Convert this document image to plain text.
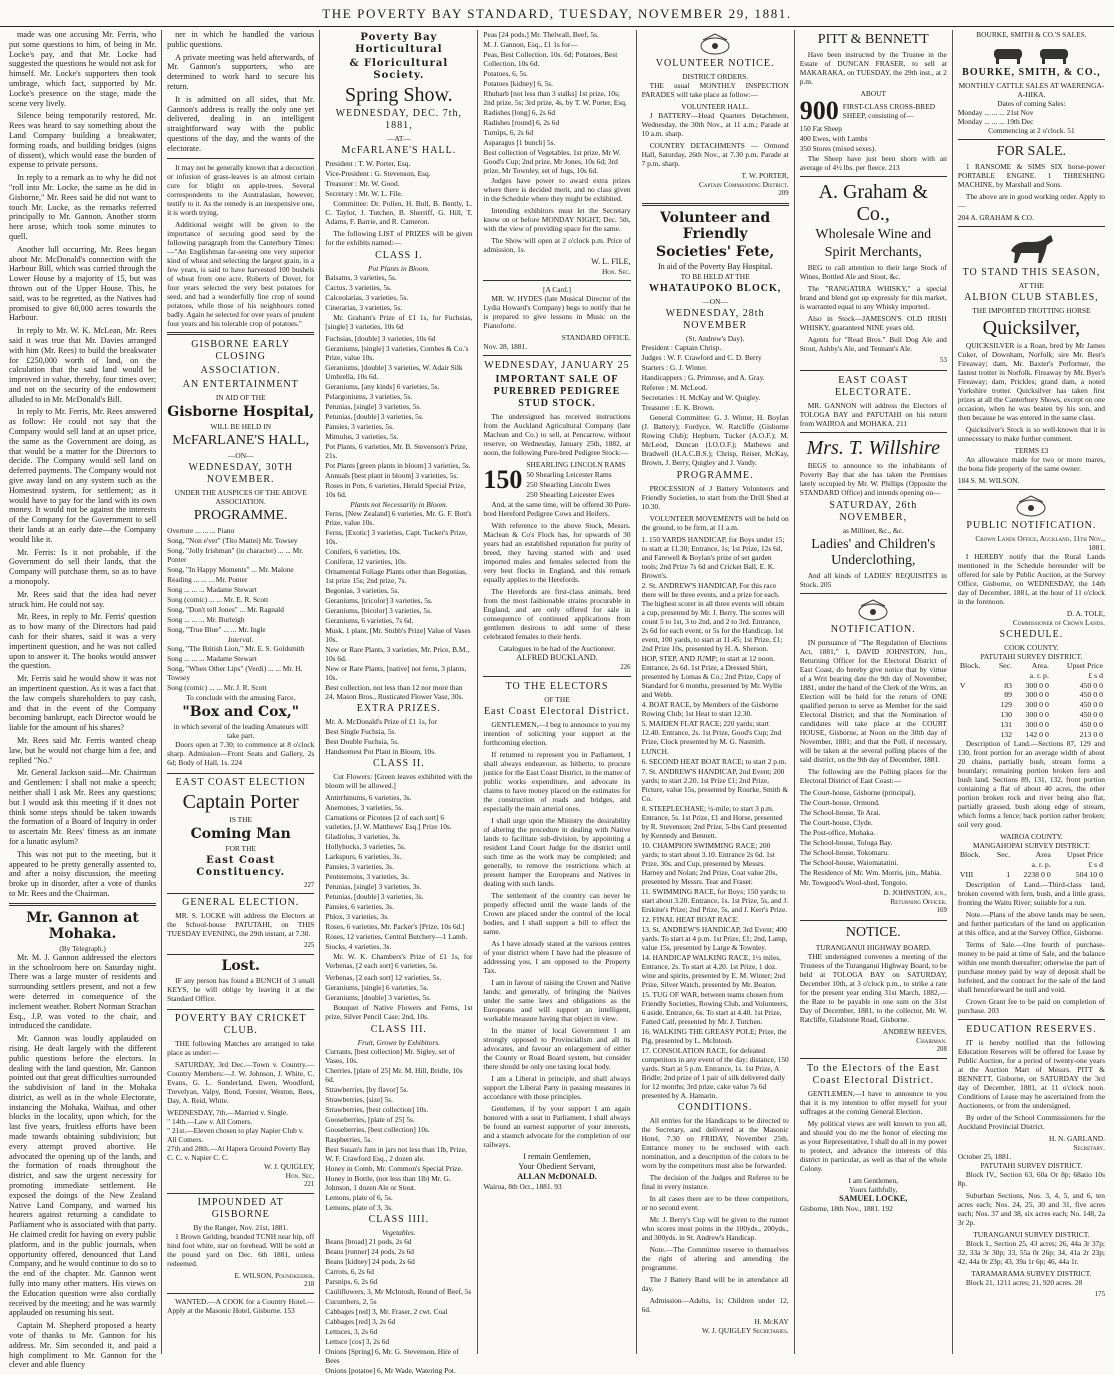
THE POVERTY BAY STANDARD, TUESDAY, NOVEMBER 29, 1881.

made was one accusing Mr. Ferris, who put some questions to him, of being in Mr. Locke's pay, and that Mr. Locke had suggested the questions he would not ask for himself. Mr. Locke's supporters then took umbrage, which fact, supported by Mr. Locke's presence on the stage, made the scene very lively.

Silence being temporarily restored, Mr. Rees was heard to say something about the Land Company building a breakwater, forming roads, and building bridges (signs of dissent), which would ease the burden of expense to private persons.

In reply to a remark as to why he did not "roll into Mr. Locke, the same as he did in Gisborne," Mr. Rees said he did not want to touch Mr. Locke, as the remarks referred principally to Mr. Gannon. Another storm here arose, which took some minutes to quell.

Another lull occurring, Mr. Rees began about Mr. McDonald's connection with the Harbour Bill, which was carried through the Lower House by a majority of 15, but was thrown out of the Upper House. This, he said, was to be regretted, as the Natives had promised to give 60,000 acres towards the Harbour.

In reply to Mr. W. K. McLean, Mr. Rees said it was true that Mr. Davies arranged with him (Mr. Rees) to build the breakwater for £250,000 worth of land, on the calculation that the said land would be improved in value, thereby, four times over; and not on the security of the endowment alluded to in Mr. McDonald's Bill.

In reply to Mr. Ferris, Mr. Rees answered as follow: He could not say that the Company would sell land at an upset price, the same as the Government are doing, as that would be a matter for the Directors to decide. The Company would sell land on deferred payments. The Company would not give away land on any system such as the Homestead system, for settlement; as it would have to pay for the land with its own money. It would not be against the interests of the Company for the Government to sell their lands at an early date—the Company would like it.

Mr. Ferris: Is it not probable, if the Government do sell their lands, that the Company will purchase them, so as to have a monopoly.

Mr. Rees said that the idea had never struck him. He could not say.

Mr. Rees, in reply to Mr. Ferris' question as to how many of the Directors had paid cash for their shares, said it was a very impertinent question, and he was not called upon to answer it. The books would answer the question.

Mr. Ferris said he would show it was not an impertinent question. As it was a fact that the law compels shareholders to pay cash, and that in the event of the Company becoming bankrupt, each Director would be liable for the amount of his shares?

Mr. Rees said Mr. Ferris wanted cheap law, but he would not charge him a fee, and replied "No."

Mr. General Jackson said—Mr. Chairman and Gentlemen: I shall not make a speech; neither shall I ask Mr. Rees any questions; but I would ask this meeting if it does not think some steps should be taken towards the formation of a Board of Inquiry in order to ascertain Mr. Rees' fitness as an inmate for a lunatic asylum?

This was not put to the meeting, but it appeared to be pretty generally assented to, and after a noisy discussion, the meeting broke up in disorder, after a vote of thanks to Mr. Rees and the Chairman.

Mr. Gannon at Mohaka.
(By Telegraph.)

Mr. M. J. Gannon addressed the electors in the schoolroom here on Saturday night. There was a large muster of residents and surrounding settlers present, and not a few were deterred in consequence of the inclement weather. Robert Norman Strachan Esq., J.P. was voted to the chair, and introduced the candidate.

Mr. Gannon was loudly applauded on rising. He dealt largely with the different public questions before the electors. In dealing with the land question, Mr. Gannon pointed out that great difficulties surrounded the subdivision of land in the Mohaka district, as well as in the whole Electorate, instancing the Mohaka, Waihua, and other blocks in the locality, upon which, for the last five years, fruitless efforts have been made towards obtaining subdivision; but every attempt proved abortive. He advocated the opening up of the lands, and the formation of roads throughout the district, and saw the urgent necessity for promoting immediate settlement. He exposed the doings of the New Zealand Native Land Company, and warned his hearers against returning a candidate to Parliament who is associated with that party. He claimed credit for having on every public platform, and in the public journals, when opportunity offered, denounced that Land Company, and he would continue to do so to the end of the chapter. Mr. Gannon went fully into many other matters. His views on the Education question were also cordially received by the meeting; and he was warmly applauded on resuming his seat.

Captain M. Shepherd proposed a hearty vote of thanks to Mr. Gannon for his address. Mr. Sim seconded it, and paid a high compliment to Mr. Gannon for the clever and able fluency

ner in which he handled the various public questions.

A private meeting was held afterwards, of Mr. Gannon's supporters, who are determined to work hard to secure his return.

It is admitted on all sides, that Mr. Gannon's address is really the only one yet delivered, dealing in an intelligent straightforward way with the public questions of the day, and the wants of the electorate.

It may not be generally known that a decoction or infusion of grass-leaves is an almost certain cure for blight on apple-trees. Several correspondents to the Australasian, however, testify to it. As the remedy is an inexpensive one, it is worth trying.

Additional weight will be given to the importance of securing good seed by the following paragraph from the Canterbury Times:—"An Englishman far-seeing one very superior kind of wheat and selecting the largest grain, in a few years, is said to have harvested 100 bushels of wheat from one acre. Roberts of Dover, for four years selected the very best potatoes for seed, and had a wonderfully fine crop of sound potatoes, while those of his neighbours rotted badly. Again he selected for over years of prudent four years and his tolerable crop of potatoes."

GISBORNE EARLY CLOSING
ASSOCIATION.
AN ENTERTAINMENT
IN AID OF THE
Gisborne Hospital,
WILL BE HELD IN
McFARLANE'S HALL,
—ON—
WEDNESDAY, 30TH NOVEMBER.
UNDER THE AUSPICES OF THE ABOVE ASSOCIATION.
PROGRAMME.
Overture ... ... ... Piano
Song, "Non e'ver" (Tito Mattei) Mr. Towsey
Song, "Jolly Irishman" (in character) ... ... Mr. Ponter
Song, "In Happy Moments" ... Mr. Malone
Reading ... ... ... Mr. Ponter
Song ... ... ... Madame Stewart
Song (comic) ... ... Mr. E. R. Scott
Song, "Don't tell Jones" ... Mr. Ragnald
Song ... ... ... Mr. Burleigh
Song, "True Blue" ... ... Mr. Ingle
Interval.
Song, "The British Lion," Mr. E. S. Goldsmith
Song ... ... ... Madame Stewart
Song, "When Other Lips" (Verdi) ... ... Mr. H. Towsey
Song (comic) ... ... Mr. J. R. Scott
To conclude with the amusing Farce,
"Box and Cox,"
in which several of the leading Amateurs will take part.

Doors open at 7.30; to commence at 8 o'clock sharp. Admission—Front Seats and Gallery, 2s 6d; Body of Hall, 1s. 224

EAST COAST ELECTION
Captain Porter
IS THE
Coming Man
FOR THE
East Coast Constituency.
227
GENERAL ELECTION.

MR. S. LOCKE will address the Electors at the School-house PATUTAHI, on THIS TUESDAY EVENING, the 29th instant, at 7.30.

225
Lost.

IF any person has found a BUNCH of 3 small KEYS, he will oblige by leaving it at the Standard Office.

POVERTY BAY CRICKET CLUB.

THE following Matches are arranged to take place as under:—

SATURDAY, 3rd Dec.—Town v. Country.—Country Members:—J. W. Johnson, J. White, C. Evans, G. L. Sunderland, Ewen, Woodford, Trevelyan, Valpy, Bond, Forster, Weston, Rees, Day, A. Reid, White.

WEDNESDAY, 7th.—Married v. Single.
" 14th.—Law v. All Comers.
" 21st.—Eleven chosen to play Napier Club v. All Comers.
27th and 28th.—At Hapera Ground Poverty Bay C. C. v. Napier C. C.
W. J. QUIGLEY,
Hon. Sec.
221
IMPOUNDED AT GISBORNE
By the Ranger, Nov. 21st, 1881.

1 Brown Gelding, branded TCNH near hip, off hind foot white, star on forehead. Will be sold at the pound yard on Dec. 6th 1881, unless redeemed.

E. WILSON, Poundkeeper.
218

WANTED.—A COOK for a Country Hotel.—Apply at the Masonic Hotel, Gisborne. 153

Poverty Bay Horticultural
& Floricultural Society.
Spring Show.
WEDNESDAY, DEC. 7th, 1881,
—AT—
McFARLANE'S HALL.
President : T. W. Porter, Esq.
Vice-President : G. Stevenson, Esq.
Treasurer : Mr. W. Good.
Secretary : Mr. W. L. File.

Committee: Dr. Pollen, H. Bull, B. Bently, L. C. Taylor, J. Tutchen, B. Sherriff, G. Hill, T. Adams, F. Barrie, and R. Cameron.

The following LIST of PRIZES will be given for the exhibits named:—

CLASS I.
Pot Plants in Bloom.
Balsams, 3 varieties, 5s.
Cactus, 3 varieties, 5s.
Calceolarias, 3 varieties, 5s.
Cinerarias, 3 varieties, 5s.

Mr. Graham's Prize of £1 1s, for Fuchsias, [single] 3 varieties, 10s 6d

Fuchsias, [double] 3 varieties, 10s 6d
Geraniums, [single] 3 varieties, Combes & Co.'s Prize, value 10s.
Geraniums, [double] 3 varieties, W. Adair Silk Umbrella, 10s 6d.
Geraniums, [any kinds] 6 varieties, 5s.
Pelargoniums, 3 varieties, 5s.
Petunias, [single] 3 varieties, 5s.
Petunias, [double] 3 varieties, 5s.
Pansies, 3 varieties, 5s.
Mimulus, 3 varieties, 5s.
Pot Plants, 6 varieties, Mr. B. Stevenson's Prize, 21s.
Pot Plants [green plants in bloom] 3 varieties, 5s.
Annuals [best plant in bloom] 3 varieties, 5s.
Roses in Pots, 6 varieties, Herald Special Prize, 10s 6d.
Plants not Necessarily in Bloom.
Ferns, [New Zealand] 6 varieties, Mr. G. F. Bott's Prize, value 10s.
Ferns, [Exotic] 3 varieties, Capt. Tucker's Prize, 10s.
Conifers, 6 varieties, 10s.
Coniferæ, 12 varieties, 10s.
Ornamental Foliage Plants other than Begonias, 1st prize 15s; 2nd prize, 7s.
Begonias, 3 varieties, 5s.
Geraniums, [tricolor] 3 varieties, 5s.
Geraniums, [bicolor] 3 varieties, 5s.
Geraniums, 6 varieties, 7s 6d.
Musk, 1 plant, [Mr. Stubb's Prize] Value of Vases 10s.
New or Rare Plants, 3 varieties, Mr. Price, B.M., 10s 6d.
New or Rare Plants, [native] not ferns, 3 plants, 10s.
Best collection, not less than 12 nor more than 24, Mason Bros., Rusticated Flower Vase, 30s.
EXTRA PRIZES.
Mr. A. McDonald's Prize of £1 1s, for
Best Single Fuchsia, 5s.
Best Double Fuchsia, 5s.
Handsomest Pot Plant in Bloom, 10s.
CLASS II.

Cut Flowers: [Green leaves exhibited with the bloom will be allowed.]

Antirrhinums, 6 varieties, 3s.
Anemones, 3 varieties, 5s.
Carnations or Picotees [2 of each sort] 6 varieties, [J. W. Matthews' Esq.] Prize 10s.
Gladiolus, 3 varieties, 3s.
Hollyhocks, 3 varieties, 5s.
Larkspurs, 6 varieties, 3s.
Pansies, 3 varieties, 3s.
Pentstemons, 3 varieties, 3s.
Petunias, [single] 3 varieties, 3s.
Petunias, [double] 3 varieties, 3s.
Pansies, 6 varieties, 3s.
Phlox, 3 varieties, 3s.
Roses, 6 varieties, Mr. Packer's [Prize, 10s 6d.]
Roses, 12 varieties, Central Butchery—1 Lamb.
Stocks, 4 varieties, 3s.

Mr. W. K. Chambers's Prize of £1 1s, for Verbenas, [2 each sort] 6 varieties, 5s.

Verbenas, [2 each sort] 12 varieties, 5s.
Geraniums, [single] 6 varieties, 5s.
Geraniums, [double] 3 varieties, 5s.

Bouquet of Native Flowers and Ferns, 1st prize, Silver Pencil Case; 2nd, 10s.

CLASS III.
Fruit, Grown by Exhibitors.
Currants, [best collection] Mr. Sigley, set of Vases, 10s.
Cherries, [plate of 25] Mr. M. Hill, Bridle, 10s 6d.
Strawberries, [by flavor] 5s.
Strawberries, [size] 5s.
Strawberries, [best collection] 10s.
Gooseberries, [plate of 25] 5s.
Gooseberries, [best collection] 10s.
Raspberries, 5s.
Best Susan's Jam in jars not less than 1lb, Prize, W. F. Crawford Esq., 2 dozen ale.
Honey in Comb, Mr. Common's Special Prize.
Honey in Bottle, (not less than 1lb) Mr. G. Johnson, 1 dozen Ale or Stout.
Lemons, plate of 6, 5s.
Lemons, plate of 3, 3s.
CLASS IIII.
Vegetables.
Beans [broad] 21 pods, 2s 6d
Beans [runner] 24 pods, 2s 6d
Beans [kidney] 24 pods, 2s 6d
Carrots, 6, 2s 6d
Parsnips, 6, 2s 6d
Cauliflowers, 3, Mr McIntosh, Round of Beef, 5s
Cucumbers, 2, 5s
Cabbages [red] 3, Mr. Fraser, 2 cwt. Coal
Cabbages [red] 3, 2s 6d
Lettuces, 3, 2s 6d
Lettuce [cos] 3, 2s 6d
Onions [Spring] 6, Mr. G. Stevenson, Hire of Bees
Onions [potatoe] 6, Mr Wade, Watering Pot.
Peas [24 pods,] Mr. Thelwall, Beef, 5s.
M. J. Gannon, Esq., £1 1s for—
Peas, Best Collection, 10s. 6d; Potatoes, Best Collection, 10s 6d.
Potatoes, 6, 5s.
Potatoes [kidney] 6, 5s.
Rhubarb [not less than 3 stalks] 1st prize, 10s; 2nd prize, 5s; 3rd prize, 4s, by T. W. Porter, Esq.
Radishes [long] 6, 2s 6d
Radishes [round] 6, 2s 6d
Turnips, 6, 2s 6d
Asparagus [1 bunch] 5s.
Best collection of Vegetables, 1st prize, Mr W. Good's Cup; 2nd prize, Mr Jones, 10s 6d; 3rd prize, Mr Townley, set of Jugs, 10s 6d.

Judges have power to award extra prizes where there is decided merit, and no class given in the Schedule where they might be exhibited.

Intending exhibitors must let the Secretary know on or before MONDAY NIGHT, Dec. 5th, with the view of providing space for the same.

The Show will open at 2 o'clock p.m. Price of admission, 1s.

W. L. FILE,
Hon. Sec.
[A Card.]

MR. W. HYDES (late Musical Director of the Lydia Howard's Company) begs to notify that he is prepared to give lessons in Music on the Pianoforte.

STANDARD OFFICE.
Nov. 28, 1881.
WEDNESDAY, JANUARY 25
IMPORTANT SALE OF PUREBRED PEDIGREE STUD STOCK.

The undersigned has received instructions from the Auckland Agricultural Company (late Maclean and Co.) to sell, at Pencarrow, without reserve, on Wednesday, January 25th, 1882, at noon, the following Pure-bred Pedigree Stock:—

150
SHEARLING LINCOLN RAMS
50 Shearling Leicester Rams
250 Shearling Lincoln Ewes
250 Shearling Leicester Ewes

And, at the same time, will be offered 30 Pure-bred Hereford Pedigree Cows and Heifers.

With reference to the above Stock, Messrs. Maclean & Co's Flock has, for upwards of 30 years had an established reputation for purity of breed, they having started with and used imported males and females selected from the very best flocks in England, and this remark equally applies to the Herefords.

The Herefords are first-class animals, bred from the most fashionable strains procurable in England, and are only offered for sale in consequence of continued applications from gentlemen desirous to add some of these celebrated females to their herds.

Catalogues to be had of the Auctioneer.
ALFRED BUCKLAND.
226
TO THE ELECTORS
OF THE
East Coast Electoral District.

GENTLEMEN,—I beg to announce to you my intention of soliciting your support at the forthcoming election.

If returned to represent you in Parliament, I shall always endeavour, as hitherto, to procure justice for the East Coast District, in the matter of public works expenditure, and advocate its claims to have money placed on the estimates for the construction of roads and bridges, and especially the main arterial ones.

I shall urge upon the Ministry the desirability of altering the procedure in dealing with Native lands to facilitate sub-division, by appointing a resident Land Court Judge for the district until such time as the work may be completed; and generally, to remove the restrictions which at present hamper the Europeans and Natives in dealing with such lands.

The settlement of the country can never be properly effected until the waste lands of the Crown are placed under the control of the local bodies, and I shall support a bill to effect the same.

As I have already stated at the various centres of your district where I have had the pleasure of addressing you, I am opposed to the Property Tax.

I am in favour of raising the Crown and Native lands; and generally, of bringing the Natives under the same laws and obligations as the Europeans and will support an intelligent, workable measure having that object in view.

In the matter of local Government I am strongly opposed to Provincialism and all its advocates, and favour an enlargement of either the County or Road Board system, but consider there should be only one taxing local body.

I am a Liberal in principle, and shall always support the Liberal Party in passing measures in accordance with those principles.

Gentlemen, if by your support I am again honored with a seat in Parliament, I shall always be found an earnest supporter of your interests, and a staunch advocate for the completion of our railways.

I remain Gentlemen,
Your Obedient Servant,
ALLAN McDONALD.
Wairoa, 8th Oct., 1881. 93
VOLUNTEER NOTICE.
DISTRICT ORDERS.

THE usual MONTHLY INSPECTION PARADES will take place as follow:—

VOLUNTEER HALL.

J BATTERY—Head Quarters Detachment, Wednesday, the 30th Nov., at 11 a.m.; Parade at 10 a.m. sharp.

COUNTRY DETACHMENTS — Ormond Hall, Saturday, 26th Nov., at 7.30 p.m. Parade at 7 p.m. sharp.

T. W. PORTER,
Captain Commanding District.
209
Volunteer and Friendly
Societies' Fete,
In aid of the Poverty Bay Hospital.
TO BE HELD AT THE
WHATAUPOKO BLOCK,
—ON—
WEDNESDAY, 28th NOVEMBER
(St. Andrew's Day).
President : Captain Chrisp.
Judges : W. F. Crawford and C. D. Berry
Starters : G. J. Winter.
Handicappers : G. Primrose, and A. Gray.
Referee : M. McLeod.
Secretaries : H. McKay and W. Quigley.
Treasurer : E. K. Brown.

General Committee: G. J. Winter, H. Boylan (J. Battery); Fordyce, W. Ratcliffe (Gisborne Rowing Club); Hepburn, Tucker (A.O.F.); M. McLeod, Duncan (I.O.O.F.); Mathews and Bradwell (H.A.C.B.S.); Chrisp, Reiser, McKay, Brown, J. Berry, Quigley and J. Vandy.

PROGRAMME.

PROCESSION of J Battery Volunteers and Friendly Societies, to start from the Drill Shed at 10.30.

VOLUNTEER MOVEMENTS will be held on the ground, to be firm, at 11 a.m.

1. 150 YARDS HANDICAP, for Boys under 15; to start at 11.30; Entrance, 1s; 1st Prize, 12s 6d, and Farewell & Boylan's prize of set garden tools; 2nd Prize 7s 6d and Cricket Ball, E. K. Brown's.
2. St. ANDREW'S HANDICAP, For this race there will be three events, and a prize for each. The highest scorer in all three events will obtain a cup, presented by Mr. J. Berry. The scores will count 5 to 1st, 3 to 2nd, and 2 to 3rd. Entrance, 2s 6d for each event, or 5s for the Handicap. 1st event, 100 yards, to start at 11.45; 1st Prize, £1; 2nd Prize 10s, presented by H. A. Sherson.
HOP, STEP, AND JUMP; to start at 12 noon. Entrance, 2s 6d. 1st Prize, a Dressed Shirt, presented by Lomas & Co.; 2nd Prize, Copy of Standard for 6 months, presented by Mr. Wyllie and Webb.
4. BOAT RACE, by Members of the Gisborne Rowing Club; 1st Heat to start 12.30.
5. MAIDEN FLAT RACE; 220 yards; start 12.40. Entrance, 2s. 1st Prize, Good's Cup; 2nd Prize, Clock presented by M. G. Nasmith.
LUNCH.
6. SECOND HEAT BOAT RACE; to start 2 p.m.
7. St. ANDREW'S HANDICAP, 2nd Event; 200 yards; to start 2.20. 1st Prize £1; 2nd Prize, Picture, value 15s, presented by Rourke, Smith & Co.
8. STEEPLECHASE; ½-mile; to start 3 p.m. Entrance, 5s. 1st Prize, £1 and Horse, presented by R. Stevenson; 2nd Prize, 5-lbs Card presented by Kennedy and Bennett.
10. CHAMPION SWIMMING RACE; 200 yards; to start about 3.10. Entrance 2s 6d. 1st Prize, 30s. and Cup, presented by Messrs. Harney and Nolan; 2nd Prize, Coat value 20s, presented by Messrs. Tear and Fraser.
11. SWIMMING RACE, for Boys; 150 yards; to start about 3.20. Entrance, 1s. 1st Prize, 5s, and J. Erskine's Prize; 2nd Prize, 5s, and J. Kerr's Prize.
12. FINAL HEAT BOAT RACE.
13. St. ANDREW'S HANDICAP, 3rd Event; 400 yards. To start at 4 p.m. 1st Prize, £1; 2nd, Lamp, value 15s, presented by Large & Townley.
14. HANDICAP WALKING RACE, 1½ miles, Entrance, 2s. To start at 4.20. 1st Prize, 1 doz. wine and spirits, presented by E. M. Winter; 2nd Prize, Silver Watch, presented by Mr. Beaton.
15. TUG OF WAR, between teams chosen from Friendly Societies, Rowing Club, and Volunteers, 6 aside. Entrance, 6s. To start at 4.40. 1st Prize, Fatted Calf, presented by Mr. J. Tutchen.
16. WALKING THE GREASY POLE; Prize, the Pig, presented by L. McIntosh.
17. CONSOLATION RACE, for defeated competitors in any event of the day; distance, 150 yards. Start at 5 p.m. Entrance, 1s. 1st Prize, A Bridle; 2nd prize of 1 pair of silk delivered daily for 12 months; 3rd prize, cake value 7s 6d presented by A. Hamarin.
CONDITIONS.

All entries for the Handicaps to be directed to the Secretary, and delivered at the Masonic Hotel, 7.30 on FRIDAY, November 25th. Entrance money to be enclosed with each nomination, and a description of the colors to be worn by the competitors must also be forwarded.

The decision of the Judges and Referee to be final in every instance.

In all cases there are to be three competitors, or no second event.

Mr. J. Berry's Cup will be given to the runner who scores most points in the 100yds., 200yds., and 300yds. in St. Andrew's Handicap.

Note.—The Committee reserve to themselves the right of altering and amending the programme.

The J Battery Band will be in attendance all day.

Admission—Adults, 1s; Children under 12, 6d.

H. McKAY
W. J. QUIGLEY Secretaries.
PITT & BENNETT

Have been instructed by the Trustee in the Estate of DUNCAN FRASER, to sell at MAKARAKA, on TUESDAY, the 29th inst., at 2 p.m.

ABOUT
900 FIRST-CLASS CROSS-BRED SHEEP, consisting of—
150 Fat Sheep
400 Ewes, with Lambs
350 Stores (mixed sexes).

The Sheep have just been shorn with an average of 4½ lbs. per fleece. 213

A. Graham & Co.,
Wholesale Wine and
Spirit Merchants,

BEG to call attention to their large Stock of Wines, Bottled Ale and Stout, &c.

The "RANGATIRA WHISKY," a special brand and blend got up expressly for this market, is warranted equal to any Whisky imported.

Also in Stock—JAMESON'S OLD IRISH WHISKY, guaranteed NINE years old.

Agents for "Read Bros." Bull Dog Ale and Stout, Ashby's Ale, and Tennant's Ale.

53
EAST COAST ELECTORATE.

MR. GANNON will address the Electors of TOLOGA BAY and PATUTAHI on his return from WAIROA and MOHAKA. 211

Mrs. T. Willshire

BEGS to announce to the inhabitants of Poverty Bay that she has taken the Premises lately occupied by Mr. W. Phillips (Opposite the STANDARD Office) and intends opening on—

SATURDAY, 26th NOVEMBER,
as Milliner, &c., &c.
Ladies' and Children's Underclothing,

And all kinds of LADIES' REQUISITES in Stock. 205

NOTIFICATION.

IN pursuance of "The Regulation of Elections Act, 1881," I, DAVID JOHNSTON, Jun., Returning Officer for the Electoral District of East Coast, do hereby give notice that by virtue of a Writ bearing date the 9th day of November, 1881, under the hand of the Clerk of the Writs, an Election will be held for the return of ONE qualified person to serve as Member for the said Electoral District; and that the Nomination of candidates will take place at the COURT HOUSE, Gisborne, at Noon on the 30th day of November, 1881; and that the Poll, if necessary, will be taken at the several polling places of the said district, on the 9th day of December, 1881.

The following are the Polling places for the Electoral District of East Coast:—

The Court-house, Gisborne (principal).
The Court-house, Ormond.
The School-house, Te Arai.
The Court-house, Clyde.
The Post-office, Mohaka.
The School-house, Tologa Bay.
The School-house, Tokomaru.
The School-house, Waiomatatini.
The Residence of Mr. Wm. Morris, jun., Mahia.
Mr. Towgood's Wool-shed, Tongoio.
D. JOHNSTON, jun.,
Returning Officer.
169
NOTICE.
TURANGANUI HIGHWAY BOARD.

THE undersigned convenes a meeting of the Trustees of the Turanganui Highway Board, to be held at TOLOGA BAY on SATURDAY, December 10th, at 3 o'clock p.m., to strike a rate for the present year ending 31st March, 1882,—the Rate to be payable in one sum on the 31st Day of December, 1881, to the collector, Mr. W. Ratcliffe, Gladstone Road, Gisborne.

ANDREW REEVES,
Chairman.
208
To the Electors of the East Coast Electoral District.

GENTLEMEN,—I have to announce to you that it is my intention to offer myself for your suffrages at the coming General Election.

My political views are well known to you all, and should you do me the honor of electing me as your Representative, I shall do all in my power to protect, and advance the interests of this district in particular, as well as that of the whole Colony.

I am Gentlemen,
Yours faithfully,
SAMUEL LOCKE,
Gisborne, 18th Nov., 1881. 192
BOURKE, SMITH & CO.'S SALES.
BOURKE, SMITH, & CO.,
MONTHLY CATTLE SALES AT WAERENGA-A-HIKA.
Dates of coming Sales:
Monday ... ... ... 21st Nov
Monday ... ... ... 19th Dec
Commencing at 2 o'clock. 51
FOR SALE.

1 RANSOME & SIMS SIX horse-power PORTABLE ENGINE. 1 THRESHING MACHINE, by Marshall and Sons.

The above are in good working order. Apply to—

204 A. GRAHAM & CO.
TO STAND THIS SEASON,
AT THE
ALBION CLUB STABLES,
THE IMPORTED TROTTING HORSE
Quicksilver,

QUICKSILVER is a Roan, bred by Mr James Cuker, of Downham, Norfolk; sire Mr. Best's Fireaway; dam, Mr. Baxter's Performer, the fastest trotter in Norfolk. Fireaway by Mr. Byer's Fireaway; dam, Prickles; grand dam, a noted Yorkshire trotter. Quicksilver has taken first prizes at all the Canterbury Shows, except on one occasion, when he was beaten by his son, and then because he was entered in the same class.

Quicksilver's Stock is so well-known that it is unnecessary to make further comment.

TERMS £3

An allowance made for two or more mares, the bona fide property of the same owner.

184 S. M. WILSON.
PUBLIC NOTIFICATION.
Crown Lands Office, Auckland, 11th Nov., 1881.

I HEREBY notify that the Rural Lands mentioned in the Schedule hereunder will be offered for sale by Public Auction, at the Survey Office, Gisborne, on WEDNESDAY, the 14th day of December, 1881, at the hour of 11 o'clock in the forenoon.

D. A. TOLE,
Commissioner of Crown Lands.
SCHEDULE.
COOK COUNTY.
PATUTAHI SURVEY DISTRICT.
Block.	Sec.	Area.	Upset Price
		a. r. p.	£ s d
V	83	300 0 0	450 0 0
	89	300 0 0	450 0 0
	129	300 0 0	450 0 0
	130	300 0 0	450 0 0
	131	300 0 0	450 0 0
	132	142 0 0	213 0 0

Description of Land.—Sections 87, 129 and 130, front portion for an average width of about 20 chains, partially bush, stream forms a boundary; remaining portion broken fern and bush land. Sections 89, 131, 132, front portion containing a flat of about 40 acres, the other portion broken rock and river being also flat, partially grassed, bush along edge of stream, which forms a fence; back portion rather broken; soil very good.

WAIROA COUNTY.
MANGAHOPAI SURVEY DISTRICT.
Block.	Sec.	Area	Upset Price
		a. r. p.	£ s d
VIII	1	2238 0 0	504 10 0

Description of Land.—Third-class land, broken covered with fern, bush, and a little grass, fronting the Waitu River; suitable for a run.

Note.—Plans of the above lands may be seen, and further particulars of the land on application at this office, and at the Survey Office, Gisborne.

Terms of Sale.—One fourth of purchase-money to be paid at time of Sale, and the balance within one month thereafter; otherwise the part of purchase money paid by way of deposit shall be forfeited, and the contract for the sale of the land shall henceforward be null and void.

Crown Grant fee to be paid on completion of purchase. 203

EDUCATION RESERVES.

IT is hereby notified that the following Education Reserves will be offered for Lease by Public Auction, for a period of twenty-one years at the Auction Mart of Messrs. PITT & BENNETT, Gisborne, on SATURDAY the 3rd day of December, 1881, at 11 o'clock noon. Conditions of Lease may be ascertained from the Auctioneers, or from the undersigned.

By order of the School Commissioners for the Auckland Provincial District.

H. N. GARLAND.
Secretary.
October 25, 1881.
PATUTAHI SURVEY DISTRICT.

Block IV., Section 63, 60a Or 8p; 68atio 10s 8p.

Suburban Sections, Nos. 3, 4, 5, and 6, ten acres each; Nos. 24, 25, 30 and 31, five acres each; Nos. 37 and 38, six acres each; No. 148, 2a 3r 2p.

TURANGANUI SURVEY DISTRICT.

Block I., Section 25, 43 acres; 26, 44a 3r 37p; 32, 33a 3r 30p; 33, 55a 0r 26p; 34, 41a 2r 23p; 42, 44a 0r 23p; 43, 39a 1r 6p; 46, 44a 1r.

TARAMARAMA SURVEY DISTRICT.

Block 21, 1211 acres; 21, 920 acres. 28

175
